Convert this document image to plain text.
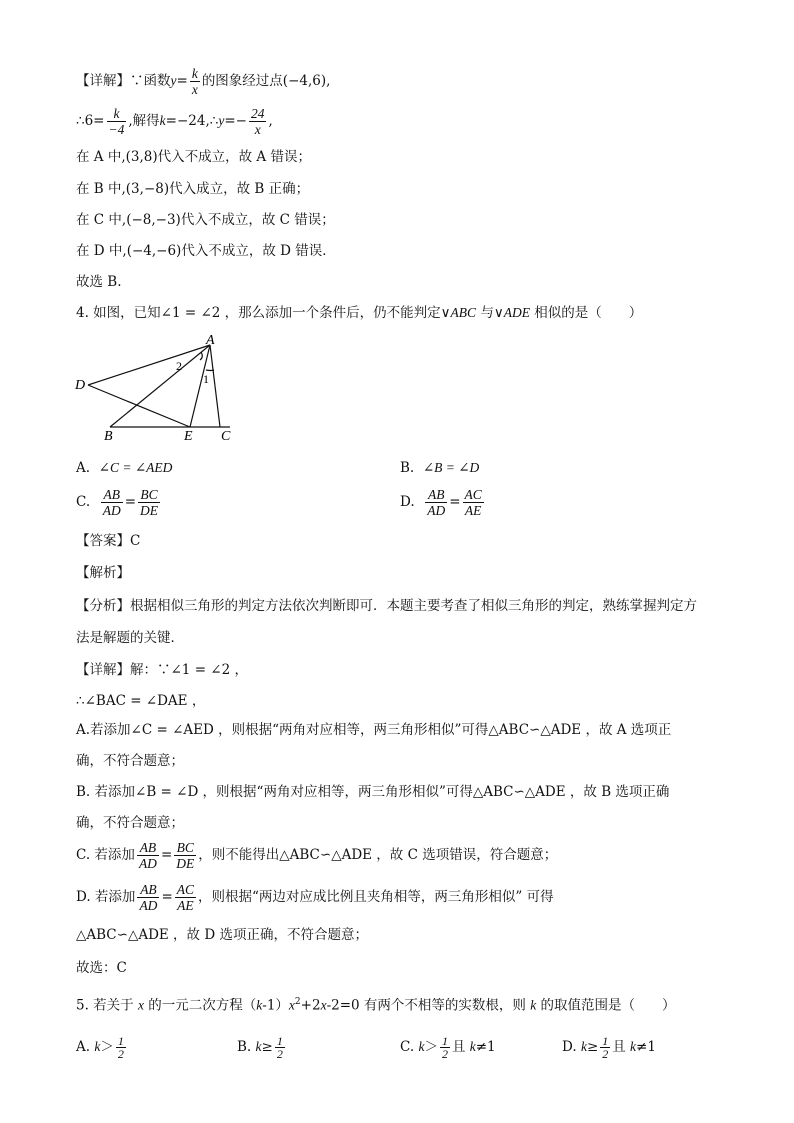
【详解】∵函数$y= \frac{k}{x}$ 的图象经过点(−4,6),
∴6= $\frac{k}{-4}$ ,解得k=−24,∴y=− $\frac{24}{x}$ ,
在 A 中,(3,8)代入不成立，故 A 错误；
在 B 中,(3,−8)代入成立，故 B 正确；
在 C 中,(−8,−3)代入不成立，故 C 错误；
在 D 中,(−4,−6)代入不成立，故 D 错误．
故选 B.
4. 如图，已知∠1 = ∠2 ，那么添加一个条件后，仍不能判定∨ABC 与∨ADE 相似的是（　　）
A
D
B	E C
1
2
A. ∠C = ∠AED	B. ∠B = ∠D
C. $\frac{AB}{AD} = \frac{BC}{DE}$	D. $\frac{AB}{AD} = \frac{AC}{AE}$
【答案】C
【解析】
【分析】根据相似三角形的判定方法依次判断即可．本题主要考查了相似三角形的判定，熟练掌握判定方
法是解题的关键．
【详解】解：∵∠1 = ∠2 ，
∴∠BAC = ∠DAE ，
A.若添加∠C = ∠AED ，则根据“两角对应相等，两三角形相似”可得△ABC∽△ADE ，故 A 选项正
确，不符合题意；
B. 若添加∠B = ∠D ，则根据“两角对应相等，两三角形相似”可得△ABC∽△ADE ，故 B 选项正确
确，不符合题意；
C. 若添加 $\frac{AB}{AD} = \frac{BC}{DE}$ ，则不能得出△ABC∽△ADE ，故 C 选项错误，符合题意；
D. 若添加 $\frac{AB}{AD} = \frac{AC}{AE}$ ，则根据“两边对应成比例且夹角相等，两三角形相似” 可得
△ABC∽△ADE ，故 D 选项正确，不符合题意；
故选：C
5. 若关于 x 的一元二次方程$(k-1)x^2+2x-2=0$ 有两个不相等的实数根，则 k 的取值范围是（　　）
A. $k> \frac{1}{2}$	B. $k\ge \frac{1}{2}$	C. $k> \frac{1}{2}$ 且 k≠1	D. $k\ge \frac{1}{2}$ 且 k≠1
